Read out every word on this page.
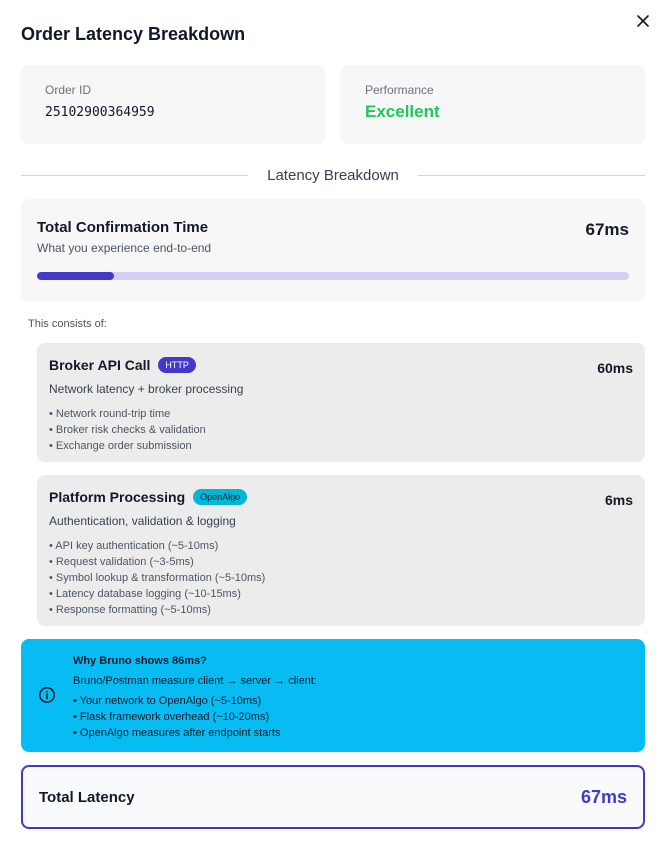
Order Latency Breakdown
Order ID
25102900364959
Performance
Excellent
Latency Breakdown
Total Confirmation Time
What you experience end-to-end
67ms
This consists of:
Broker API Call	HTTP	60ms
Network latency + broker processing
• Network round-trip time
• Broker risk checks & validation
• Exchange order submission
Platform Processing	OpenAlgo	6ms
Authentication, validation & logging
• API key authentication (~5-10ms)
• Request validation (~3-5ms)
• Symbol lookup & transformation (~5-10ms)
• Latency database logging (~10-15ms)
• Response formatting (~5-10ms)
Why Bruno shows 86ms?
Bruno/Postman measure client → server → client:
• Your network to OpenAlgo (~5-10ms)
• Flask framework overhead (~10-20ms)
• OpenAlgo measures after endpoint starts
Total Latency	67ms
